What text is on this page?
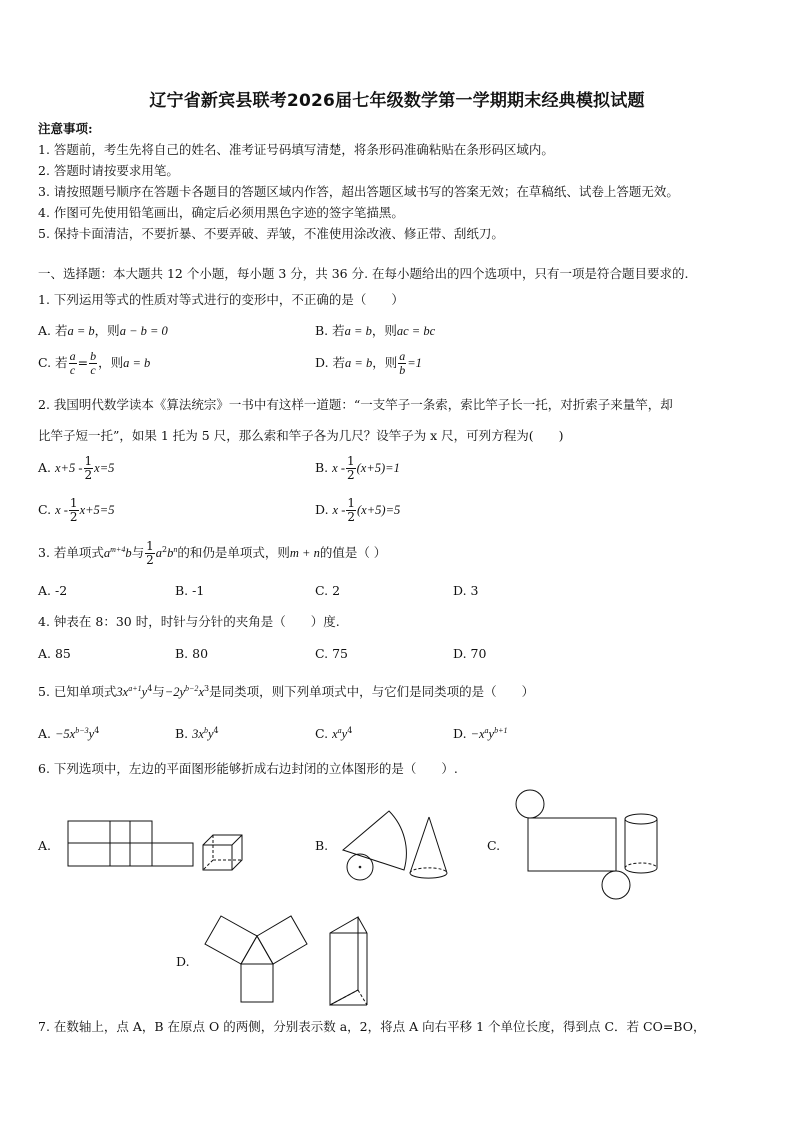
辽宁省新宾县联考2026届七年级数学第一学期期末经典模拟试题
注意事项:
1. 答题前，考生先将自己的姓名、准考证号码填写清楚，将条形码准确粘贴在条形码区域内。
2. 答题时请按要求用笔。
3. 请按照题号顺序在答题卡各题目的答题区域内作答，超出答题区域书写的答案无效；在草稿纸、试卷上答题无效。
4. 作图可先使用铅笔画出，确定后必须用黑色字迹的签字笔描黑。
5. 保持卡面清洁，不要折暴、不要弄破、弄皱，不准使用涂改液、修正带、刮纸刀。
一、选择题：本大题共 12 个小题，每小题 3 分，共 36 分. 在每小题给出的四个选项中，只有一项是符合题目要求的.
1. 下列运用等式的性质对等式进行的变形中，不正确的是（　　）
A. 若a = b，则a − b = 0	B. 若a = b，则ac = bc
C. 若 $\frac{a}{c} = \frac{b}{c}$ ，则a = b	D. 若a = b，则 $\frac{a}{b} =1$
2. 我国明代数学读本《算法统宗》一书中有这样一道题：“一支竿子一条索，索比竿子长一托，对折索子来量竿，却
比竿子短一托”，如果 1 托为 5 尺，那么索和竿子各为几尺？设竿子为 x 尺，可列方程为(　　)
A. $x+5 - \frac{1}{2} x=5$	B. $x - \frac{1}{2} (x+5)=1$
C. $x - \frac{1}{2} x+5=5$	D. $x - \frac{1}{2} (x+5)=5$
3. 若单项式$a^{m+4}b$与 $\frac{1}{2} a^2b^n$的和仍是单项式，则m + n的值是（ ）
A. -2	B. -1	C. 2	D. 3
4. 钟表在 8：30 时，时针与分针的夹角是（　　）度.
A. 85	B. 80	C. 75	D. 70
5. 已知单项式$3x^{a+1}y^4$与$-2y^{b-2}x^3$是同类项，则下列单项式中，与它们是同类项的是（　　）
A. $-5x^{b-3}y^4$	B. $3x^by^4$	C. $x^ay^4$	D. $-x^ay^{b+1}$
6. 下列选项中，左边的平面图形能够折成右边封闭的立体图形的是（　　）.
A.	B.	C.
D.
7. 在数轴上，点 A，B 在原点 O 的两侧，分别表示数 a，2，将点 A 向右平移 1 个单位长度，得到点 C．若 CO=BO，
